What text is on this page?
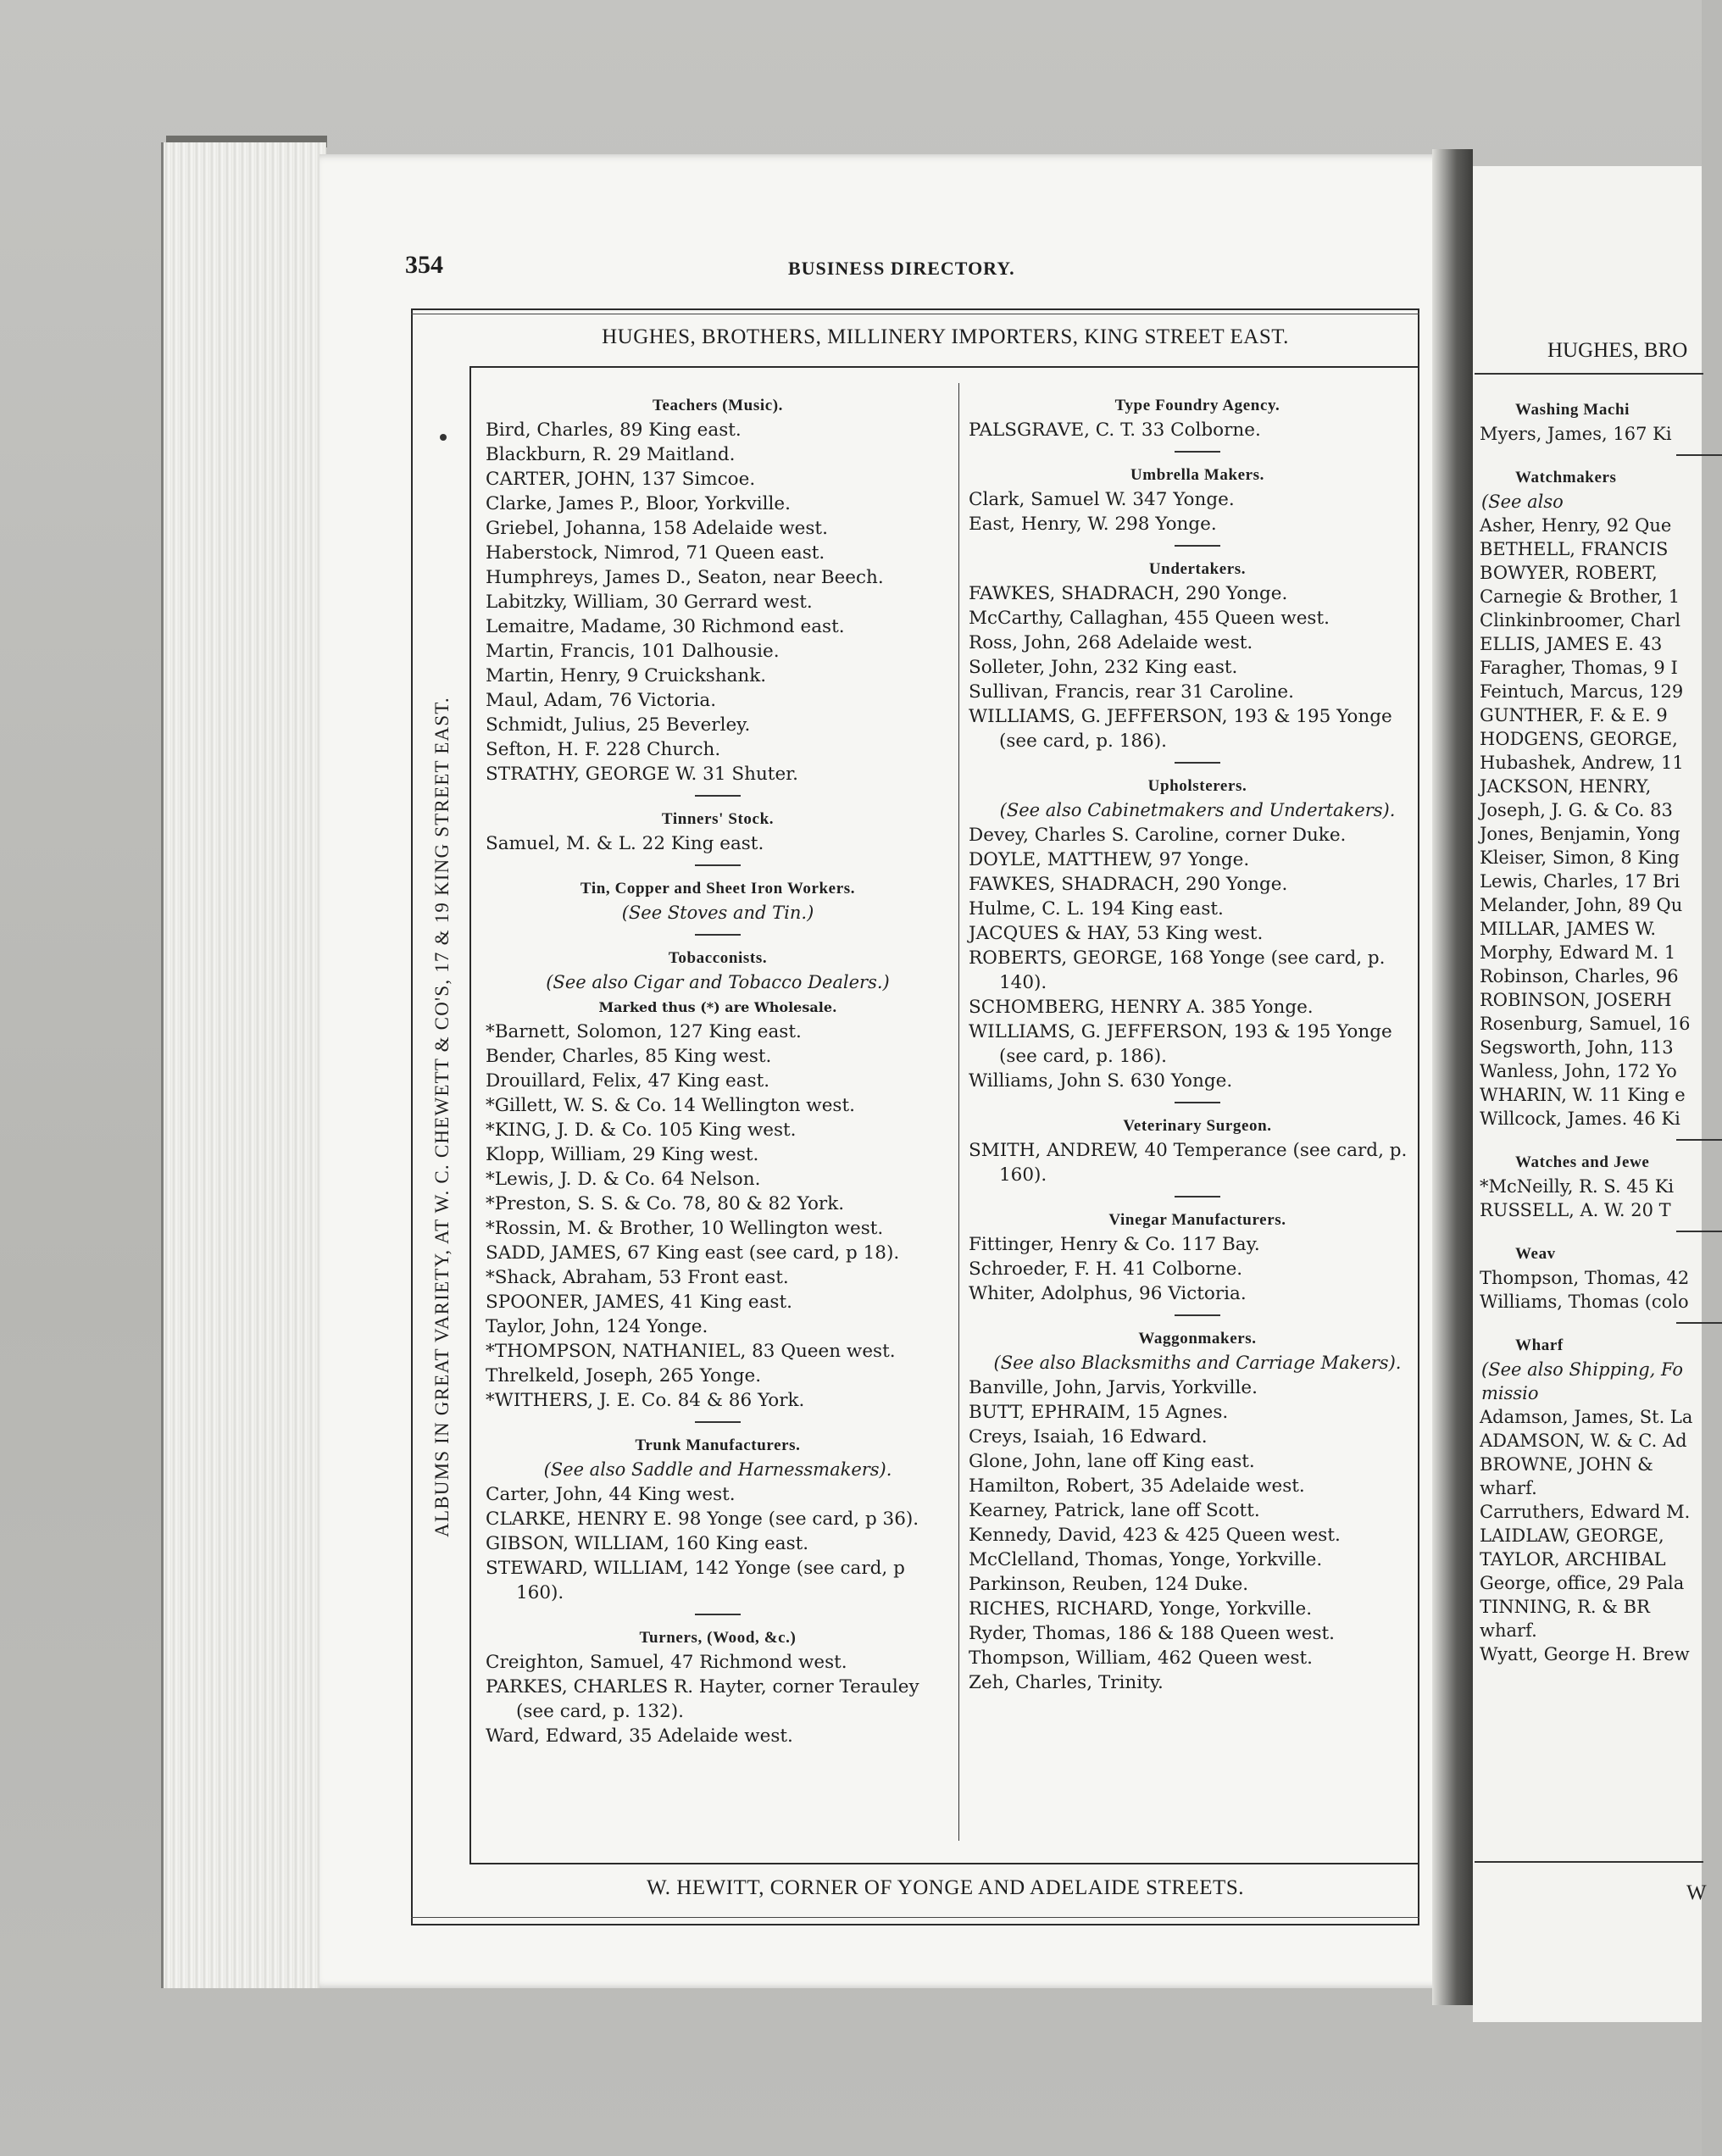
354	BUSINESS DIRECTORY.
HUGHES, BROTHERS, MILLINERY IMPORTERS, KING STREET EAST.
ALBUMS IN GREAT VARIETY, AT W. C. CHEWETT & CO'S, 17 & 19 KING STREET EAST.
Teachers (Music).
Bird, Charles, 89 King east.
Blackburn, R. 29 Maitland.
CARTER, JOHN, 137 Simcoe.
Clarke, James P., Bloor, Yorkville.
Griebel, Johanna, 158 Adelaide west.
Haberstock, Nimrod, 71 Queen east.
Humphreys, James D., Seaton, near Beech.
Labitzky, William, 30 Gerrard west.
Lemaitre, Madame, 30 Richmond east.
Martin, Francis, 101 Dalhousie.
Martin, Henry, 9 Cruickshank.
Maul, Adam, 76 Victoria.
Schmidt, Julius, 25 Beverley.
Sefton, H. F. 228 Church.
STRATHY, GEORGE W. 31 Shuter.
Tinners' Stock.
Samuel, M. & L. 22 King east.
Tin, Copper and Sheet Iron Workers.
(See Stoves and Tin.)
Tobacconists.
(See also Cigar and Tobacco Dealers.)
Marked thus (*) are Wholesale.
*Barnett, Solomon, 127 King east.
Bender, Charles, 85 King west.
Drouillard, Felix, 47 King east.
*Gillett, W. S. & Co. 14 Wellington west.
*KING, J. D. & Co. 105 King west.
Klopp, William, 29 King west.
*Lewis, J. D. & Co. 64 Nelson.
*Preston, S. S. & Co. 78, 80 & 82 York.
*Rossin, M. & Brother, 10 Wellington west.
SADD, JAMES, 67 King east (see card, p 18).
*Shack, Abraham, 53 Front east.
SPOONER, JAMES, 41 King east.
Taylor, John, 124 Yonge.
*THOMPSON, NATHANIEL, 83 Queen west.
Threlkeld, Joseph, 265 Yonge.
*WITHERS, J. E. Co. 84 & 86 York.
Trunk Manufacturers.
(See also Saddle and Harnessmakers).
Carter, John, 44 King west.
CLARKE, HENRY E. 98 Yonge (see card, p 36).
GIBSON, WILLIAM, 160 King east.
STEWARD, WILLIAM, 142 Yonge (see card, p 160).
Turners, (Wood, &c.)
Creighton, Samuel, 47 Richmond west.
PARKES, CHARLES R. Hayter, corner Terauley (see card, p. 132).
Ward, Edward, 35 Adelaide west.
Type Foundry Agency.
PALSGRAVE, C. T. 33 Colborne.
Umbrella Makers.
Clark, Samuel W. 347 Yonge.
East, Henry, W. 298 Yonge.
Undertakers.
FAWKES, SHADRACH, 290 Yonge.
McCarthy, Callaghan, 455 Queen west.
Ross, John, 268 Adelaide west.
Solleter, John, 232 King east.
Sullivan, Francis, rear 31 Caroline.
WILLIAMS, G. JEFFERSON, 193 & 195 Yonge (see card, p. 186).
Upholsterers.
(See also Cabinetmakers and Undertakers).
Devey, Charles S. Caroline, corner Duke.
DOYLE, MATTHEW, 97 Yonge.
FAWKES, SHADRACH, 290 Yonge.
Hulme, C. L. 194 King east.
JACQUES & HAY, 53 King west.
ROBERTS, GEORGE, 168 Yonge (see card, p. 140).
SCHOMBERG, HENRY A. 385 Yonge.
WILLIAMS, G. JEFFERSON, 193 & 195 Yonge (see card, p. 186).
Williams, John S. 630 Yonge.
Veterinary Surgeon.
SMITH, ANDREW, 40 Temperance (see card, p. 160).
Vinegar Manufacturers.
Fittinger, Henry & Co. 117 Bay.
Schroeder, F. H. 41 Colborne.
Whiter, Adolphus, 96 Victoria.
Waggonmakers.
(See also Blacksmiths and Carriage Makers).
Banville, John, Jarvis, Yorkville.
BUTT, EPHRAIM, 15 Agnes.
Creys, Isaiah, 16 Edward.
Glone, John, lane off King east.
Hamilton, Robert, 35 Adelaide west.
Kearney, Patrick, lane off Scott.
Kennedy, David, 423 & 425 Queen west.
McClelland, Thomas, Yonge, Yorkville.
Parkinson, Reuben, 124 Duke.
RICHES, RICHARD, Yonge, Yorkville.
Ryder, Thomas, 186 & 188 Queen west.
Thompson, William, 462 Queen west.
Zeh, Charles, Trinity.
W. HEWITT, CORNER OF YONGE AND ADELAIDE STREETS.
HUGHES, BRO
Washing Machi
Myers, James, 167 Ki
Watchmakers
(See also
Asher, Henry, 92 Que
BETHELL, FRANCIS
BOWYER, ROBERT,
Carnegie & Brother, 1
Clinkinbroomer, Charl
ELLIS, JAMES E. 43
Faragher, Thomas, 9 I
Feintuch, Marcus, 129
GUNTHER, F. & E. 9
HODGENS, GEORGE,
Hubashek, Andrew, 11
JACKSON, HENRY,
Joseph, J. G. & Co. 83
Jones, Benjamin, Yong
Kleiser, Simon, 8 King
Lewis, Charles, 17 Bri
Melander, John, 89 Qu
MILLAR, JAMES W.
Morphy, Edward M. 1
Robinson, Charles, 96
ROBINSON, JOSERH
Rosenburg, Samuel, 16
Segsworth, John, 113
Wanless, John, 172 Yo
WHARIN, W. 11 King e
Willcock, James. 46 Ki
Watches and Jewe
*McNeilly, R. S. 45 Ki
RUSSELL, A. W. 20 T
Weav
Thompson, Thomas, 42
Williams, Thomas (colo
Wharf
(See also Shipping, Fo
missio
Adamson, James, St. La
ADAMSON, W. & C. Ad
BROWNE, JOHN &
wharf.
Carruthers, Edward M.
LAIDLAW, GEORGE,
TAYLOR, ARCHIBAL
George, office, 29 Pala
TINNING, R. & BR
wharf.
Wyatt, George H. Brew
W
